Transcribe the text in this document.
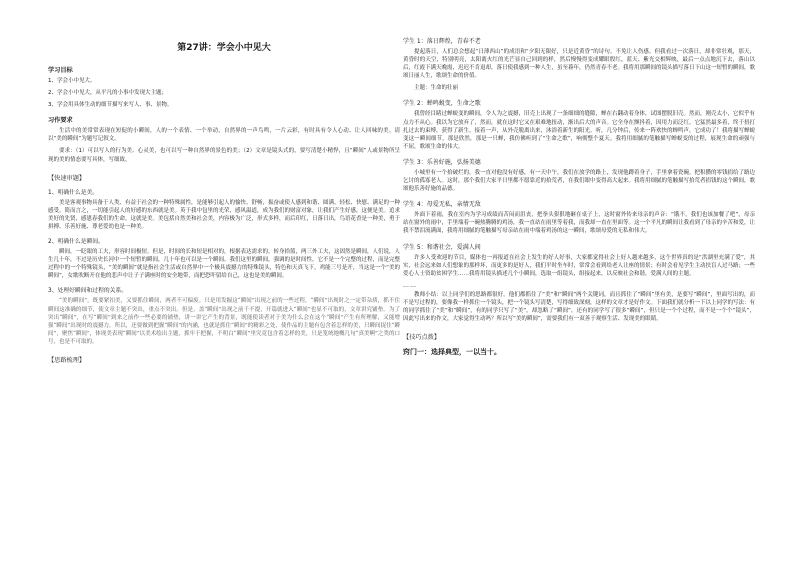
第27讲：学会小中见大
学习目标
1、学会小中见大。
2、学会小中见大，从平凡的小事中发现大主题；
3、学会用具体生动的细节描写来写人、事、景物。
习作要求
生活中的美常常表现在短促的小瞬间，人的一个表情、一个举动，自然界的一声鸟鸣，一片云彩，有时具有令人心动、让人回味的美。请以“美的瞬间”为题写记叙文。
要求：（1）可以写人的行为美、心灵美，也可以写一种自然界的景色的美；（2）文章是镜头式的，要写清楚小精悍，且“瞬间”人或景物所呈现的美的情态要写具体，写细致。
【快速审题】
1、明确什么是美。
美是客观事物具备于人类、有益于社会的一种特殊属性，是能够引起人的愉快、舒畅，振奋或使人感到和谐、圆满、轻松、快慰、满足的一种感受。简而言之，一切能引起人的好感的东西就是美。英于我中包里的光荣，感风温道，成为我们的财富对象，让我们产生好感，这便是美。追求美好的先贤，感恩春我们的生命，这就是美。美包括自然美和社会美，内容极为广泛，形式多样，而后印红，日落日出，鸟语花香是一种美，勇于拼搏、乐善好施、尊老爱幼也是一种美。
2、明确什么是瞬间。
瞬间，一眨眼的工夫，形容时间极短。但是，时间的长和短是相对的，根据表达需求的。转身拾篮，两三外工夫，这固然是瞬间，人们说，人生几十年，不过是历史长河中一个短暂的瞬间，几十年也可以是一个瞬间。我们这里的瞬间，强调的是时间性，它不是一个完整的过程，而是完整过程中的一个特殊镜头，“美的瞬间”就是指社会生活或自然界中一个极具震撼力的特殊镜头，特色和天真飞下，鸡能三号是开，当这是一个“美的瞬间”，女歌吹断开在他的悲声中让子子满座时的安全地带，而把恐吓留给自己，这也是美的瞬间。
3、处理好瞬间和过程的关系。
“美的瞬间”，既要紧扣美，又要抓住瞬间，两者不可偏废。只是用发掘这“瞬间”出现之前的一些过程，“瞬间”出现时之一定带杂质，抓不住瞬间这准确的细节，使文章主题不突出，重点不突出。但是，盖“瞬间”出现之前千不提，开篇就进入“瞬间”也显不可取的，文章讲究铺垫。为了突出“瞬间”，在写“瞬间”到来之前作一些必要的铺垫，讲一讲它产生的背景，既能使读者对于美为什么会在这个“瞬间”产生有所理解，又能增强“瞬间”出现时的震撼力。所以，还要做到把握“瞬间”的内涵，也就是抓住“瞬间”的精彩之处，使作品的主题有包含着怎样的美，只瞬间捉住“瞬间”，聚焦“瞬间”，体现美表现“瞬间”以美术绘出主题，抓牢于把握，不明白“瞬间”里究竟包含着怎样的美，只是笼统地概几句“真美啊”之类的口号，也是不可取的。
【思路梳理】
学生 1：落日辉煌，青春不老
提起落日，人们总会想起“日薄西山”的成语和“夕阳无限好，只是近黄昏”的诗句。不免让人伤感。但我看过一次落日，却非常壮观，那天，黄昏时的天空，特别明亮，太阳离火红的光芒显自己回到的样，然后慢慢得变成耀眼殷红，蓝天、紫光交相辉映，最后一点点地沉下去，落山以后，红霞下满天晚霞，迟迟不肯退却，落日使我感到一种人生，虽至暮年，仍然青春不老。我将用那瞬间的镜头描写落日下山这一短暂的瞬间，歌颂日丽人生，歌颂生命的价值。
主题：生命的壮丽
学生 2：蝉鸣蜕变，生命之歌
我曾经目睹过蝉蜕变的瞬间，令人为之震撼，旧壳上出现了一条细细的缝隙，蝉在右翻动着身体，试图摆脱旧壳。然而，刚壳太小，它似乎有点力不从心。我以为它放弃了，然而，就在这时它又在艰难地扭动，渐出后大的声音。它全身在颤抖着，因用力而泛红。它猛然最多着，终于扭打扎过去的束缚，获得了新生。接着一声，从外壳脱离出来，沐浴着新生的阳光。听，几分钟后，传来一阵欢快的蝉鸣声，它成功了！我将描写蝉蜕变这一瞬间细节，那是欣然，那是一只蝉，我仿佛听到了“生命之歌”，响彻整个夏天。我将用细腻的笔触描写蝉蜕变的过程，展现生命的顽强与不屈，歌颂生命的伟大。
学生 3：乐善好施，弘扬美德
小城里有一个拾破烂的，我一直对他没有好感，有一天中午，我们在放学的路上，发现他蹲着身子，手里拿着瓷碗，把积攒的零钱捐给了路边乞讨的孤寡老人。这时，那个我们大家平日里都不愿靠近的拾荒者，在我们眼中变得高大起来。我将用细腻的笔触描写拾荒者捐钱的这个瞬间，歌颂他乐善好施的品德。
学生 4：母爱无私，亲情无敌
外面下着雨，我在室内为学习成绩而苦闷而沮丧，把拳头狠狠地砸在桌子上，这时窗外传来母亲的声音：“饿不，我们也该加餐了吧”，母亲站在窗外的雨中，手里端着一碗热腾腾的鸡汤，我一直站在雨里等着我，而我却一直在里面等。这一个平凡的瞬间让我看到了母亲的辛苦和爱，让我不禁泪流满面，我将用细腻的笔触描写母亲站在雨中端着鸡汤的这一瞬间，歌颂母爱的无私和伟大。
学生 5：和谐社会，爱满人间
许多人受欢迎的节目，媒体也一再报道在社会上发生的好人好事，大家都觉得社会上好人越来越多，这个世界真的是“洪湖里充满了爱”，其实，社会远来如人们想象的那样坏，而更多的是好人，我们平时坐车时，常常会看到给老人让座的情景；有时会看见学生主动扶盲人过马路；一些爱心人士资助贫困学生……我将用镜头描述几个小瞬间，选取一组镜头，组接起来，以反映社会和谐，爱满人间的主题。
……
教师小结：以上同学们的思路都很好，他们都抓住了“美”和“瞬间”两个关键词，而且抓住了“瞬间”里有美，是要写“瞬间”，里面写出的，而不是写过程的，要像我一样抓住一个镜头，把一个镜头写清楚，写得细致深刻，这样的文章才是好作文。下面我们就分析一下以上同学的写法：有的同学抓住了“美”和“瞬间”，有的同学只写了“美”，却忽略了“瞬间”，还有的同学写了很多“瞬间”，但只是一个个过程，而不是一个个“镜头”，因此写出来的作文，大家觉得生动吗？所以写“美的瞬间”，需要我们有一双善于观察生活、发现美的眼睛。
【技巧点拨】
窍门一：选择典型，一以当十。
